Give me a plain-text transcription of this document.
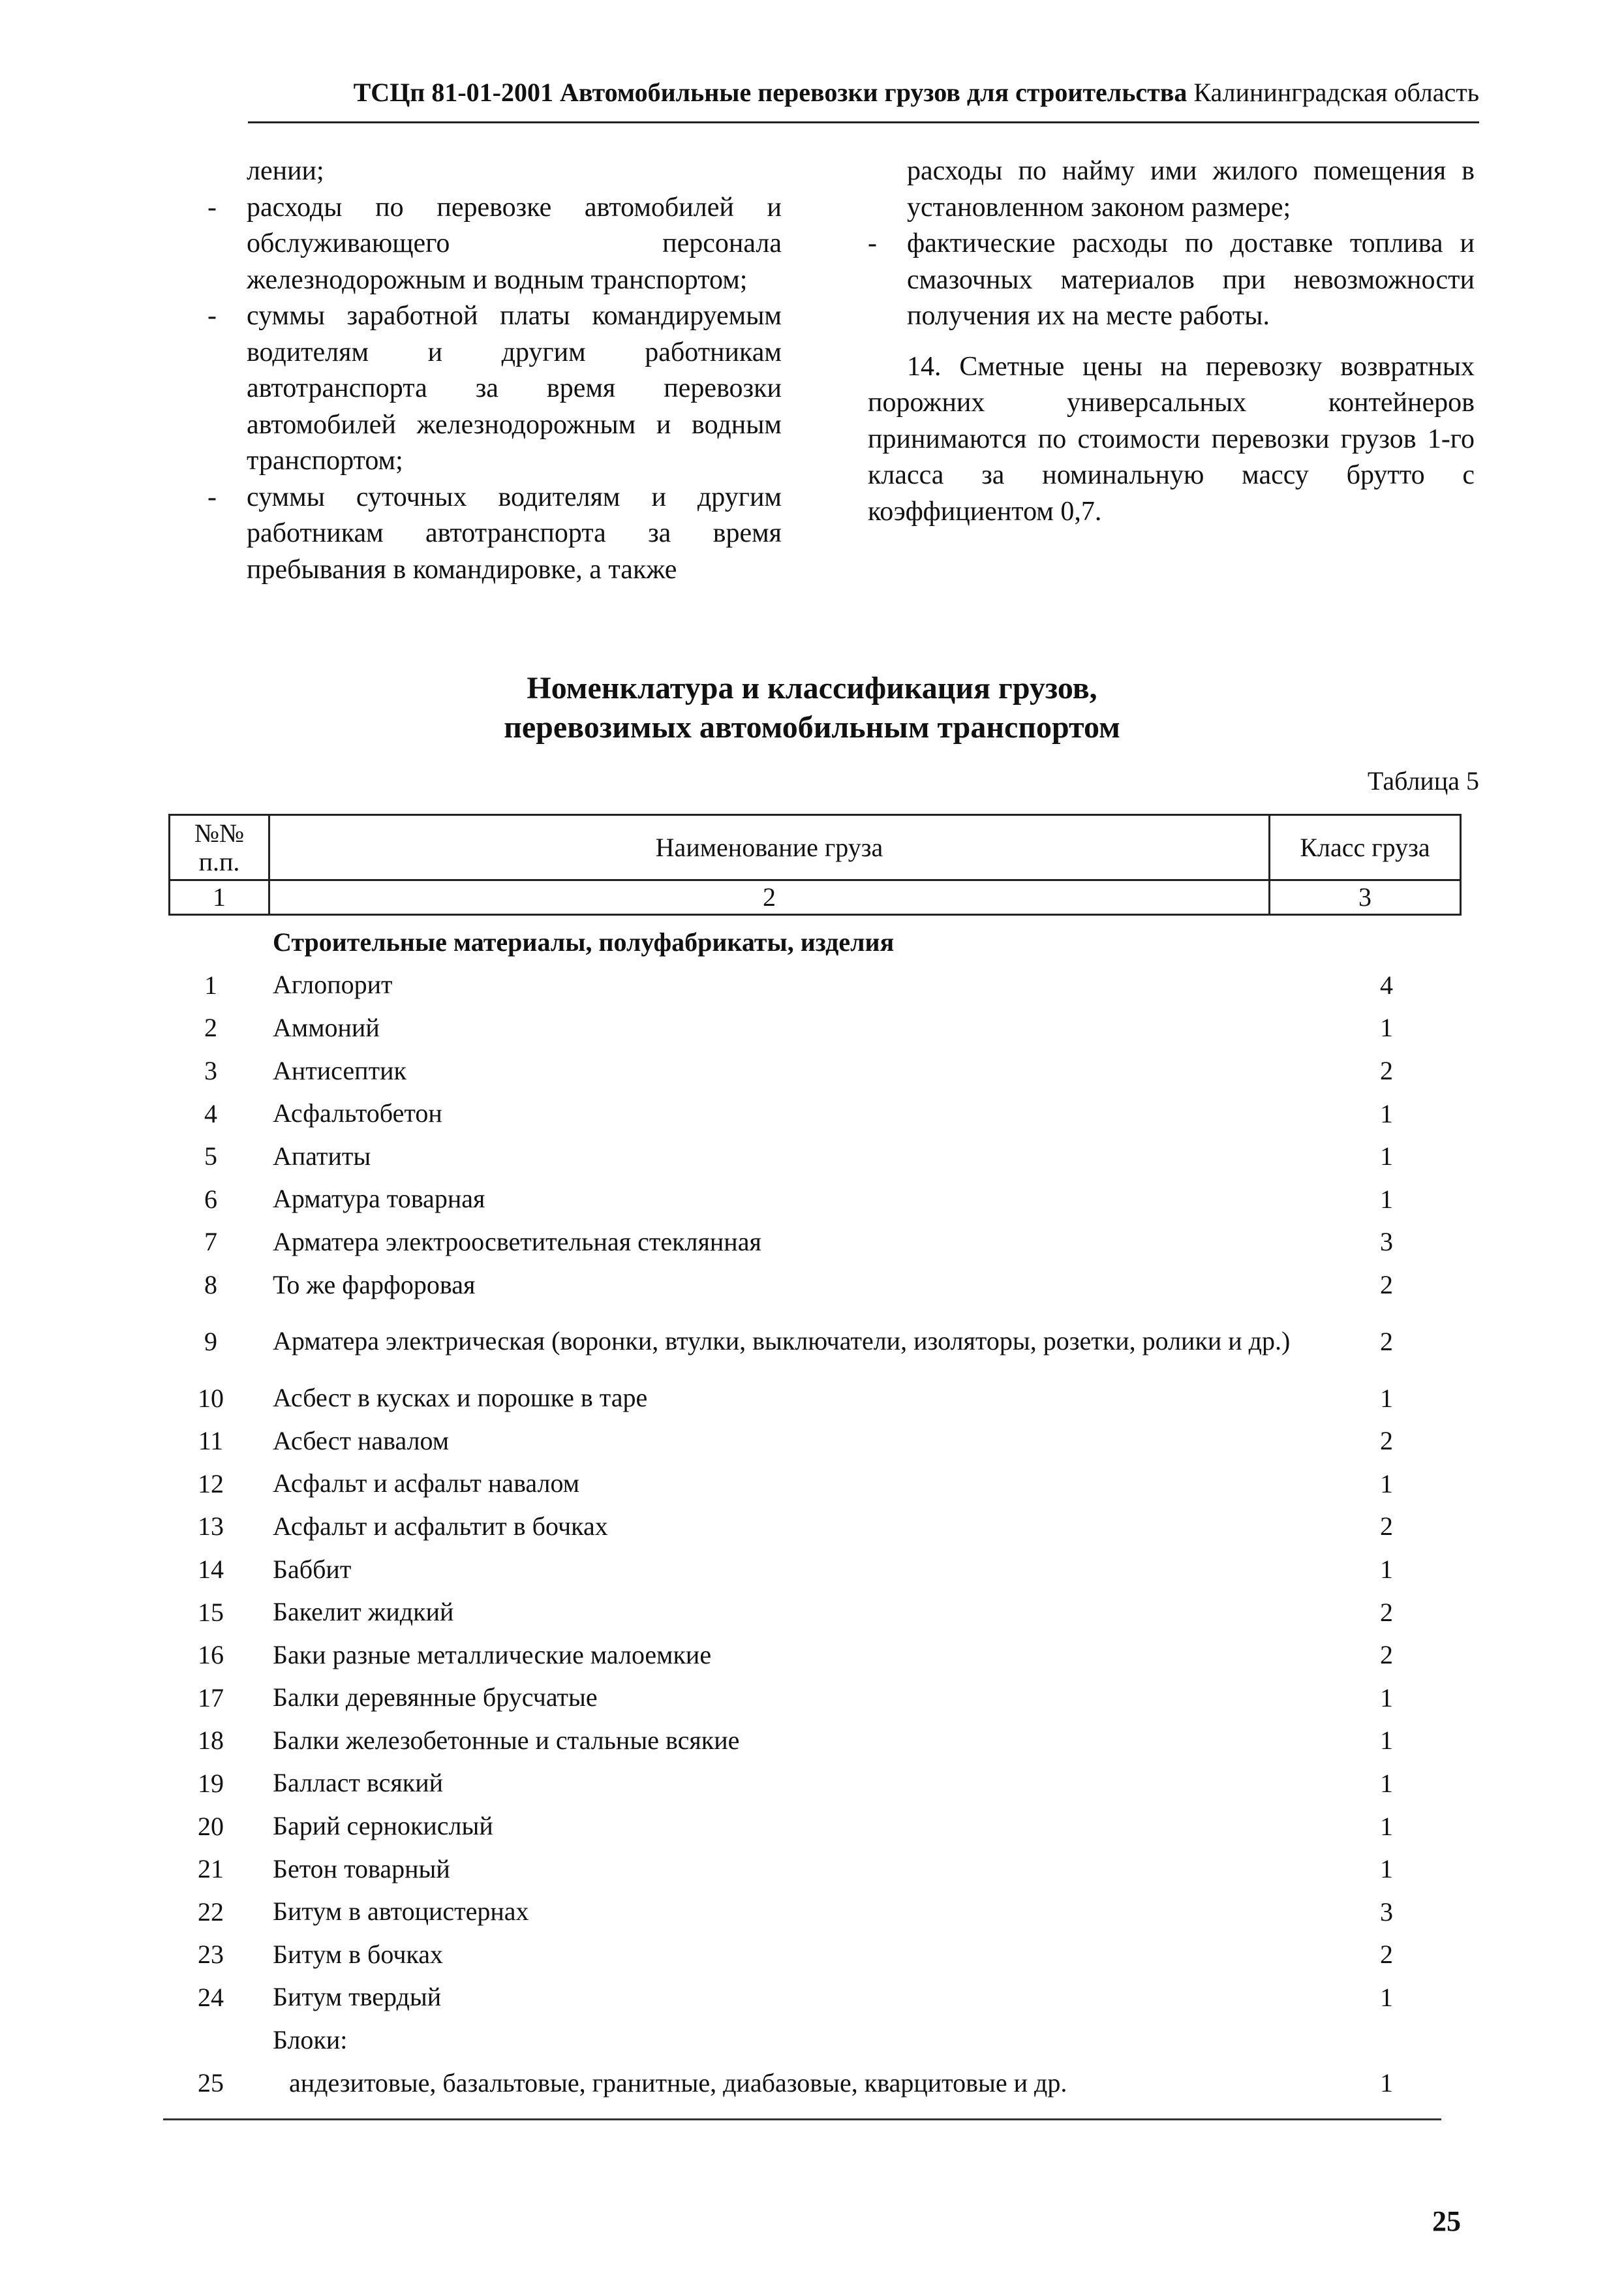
ТСЦп 81-01-2001 Автомобильные перевозки грузов для строительства Калининградская область
лении;
- расходы по перевозке автомобилей и обслуживающего персонала железнодорожным и водным транспортом;
- суммы заработной платы командируемым водителям и другим работникам автотранспорта за время перевозки автомобилей железнодорожным и водным транспортом;
- суммы суточных водителям и другим работникам автотранспорта за время пребывания в командировке, а также
расходы по найму ими жилого помещения в установленном законом размере;
- фактические расходы по доставке топлива и смазочных материалов при невозможности получения их на месте работы.
14. Сметные цены на перевозку возвратных порожних универсальных контейнеров принимаются по стоимости перевозки грузов 1-го класса за номинальную массу брутто с коэффициентом 0,7.
Номенклатура и классификация грузов,
перевозимых автомобильным транспортом
Таблица 5
№№
п.п.	Наименование груза	Класс груза
1	2	3
Строительные материалы, полуфабрикаты, изделия
1	Аглопорит	4
2	Аммоний	1
3	Антисептик	2
4	Асфальтобетон	1
5	Апатиты	1
6	Арматура товарная	1
7	Арматера электроосветительная стеклянная	3
8	То же фарфоровая	2
9	Арматера электрическая (воронки, втулки, выключатели, изоляторы, розетки, ролики и др.)	2
10	Асбест в кусках и порошке в таре	1
11	Асбест навалом	2
12	Асфальт и асфальт навалом	1
13	Асфальт и асфальтит в бочках	2
14	Баббит	1
15	Бакелит жидкий	2
16	Баки разные металлические малоемкие	2
17	Балки деревянные брусчатые	1
18	Балки железобетонные и стальные всякие	1
19	Балласт всякий	1
20	Барий сернокислый	1
21	Бетон товарный	1
22	Битум в автоцистернах	3
23	Битум в бочках	2
24	Битум твердый	1
Блоки:
25	андезитовые, базальтовые, гранитные, диабазовые, кварцитовые и др.	1
25
